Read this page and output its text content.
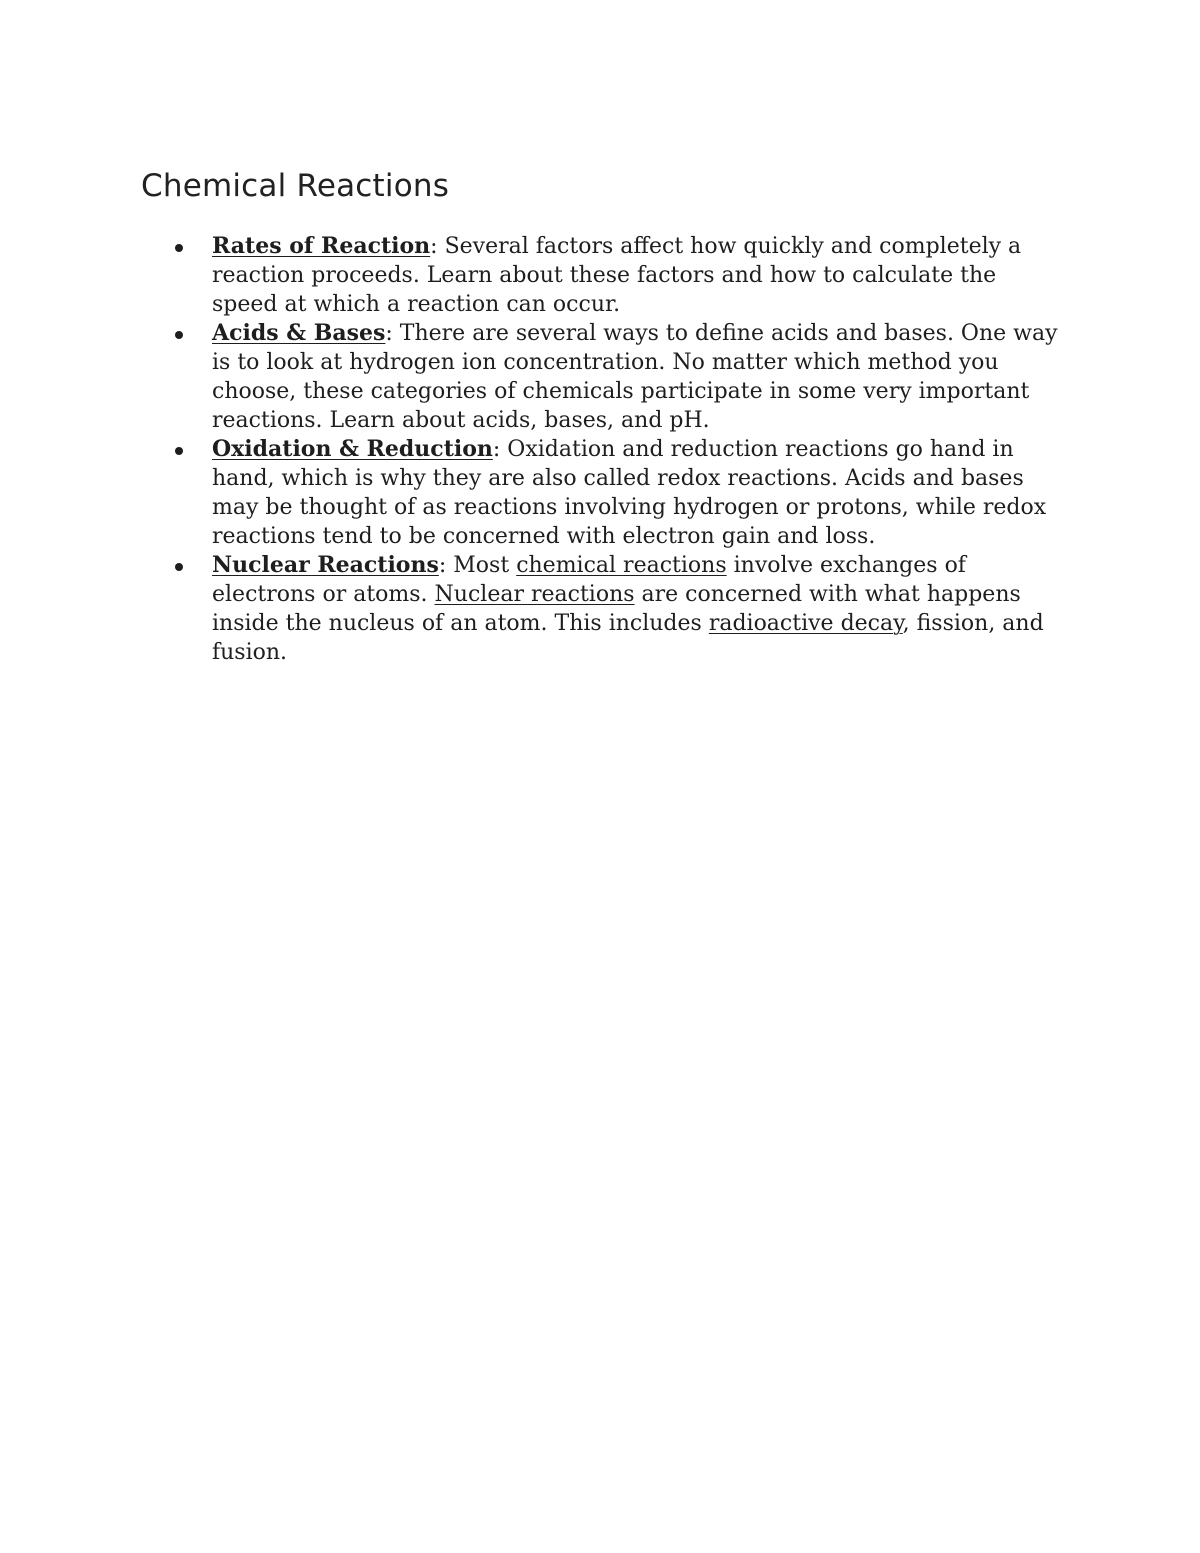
Chemical Reactions
Rates of Reaction: Several factors affect how quickly and completely a reaction proceeds. Learn about these factors and how to calculate the speed at which a reaction can occur.
Acids & Bases: There are several ways to define acids and bases. One way is to look at hydrogen ion concentration. No matter which method you choose, these categories of chemicals participate in some very important reactions. Learn about acids, bases, and pH.
Oxidation & Reduction: Oxidation and reduction reactions go hand in hand, which is why they are also called redox reactions. Acids and bases may be thought of as reactions involving hydrogen or protons, while redox reactions tend to be concerned with electron gain and loss.
Nuclear Reactions: Most chemical reactions involve exchanges of electrons or atoms. Nuclear reactions are concerned with what happens inside the nucleus of an atom. This includes radioactive decay, fission, and fusion.
